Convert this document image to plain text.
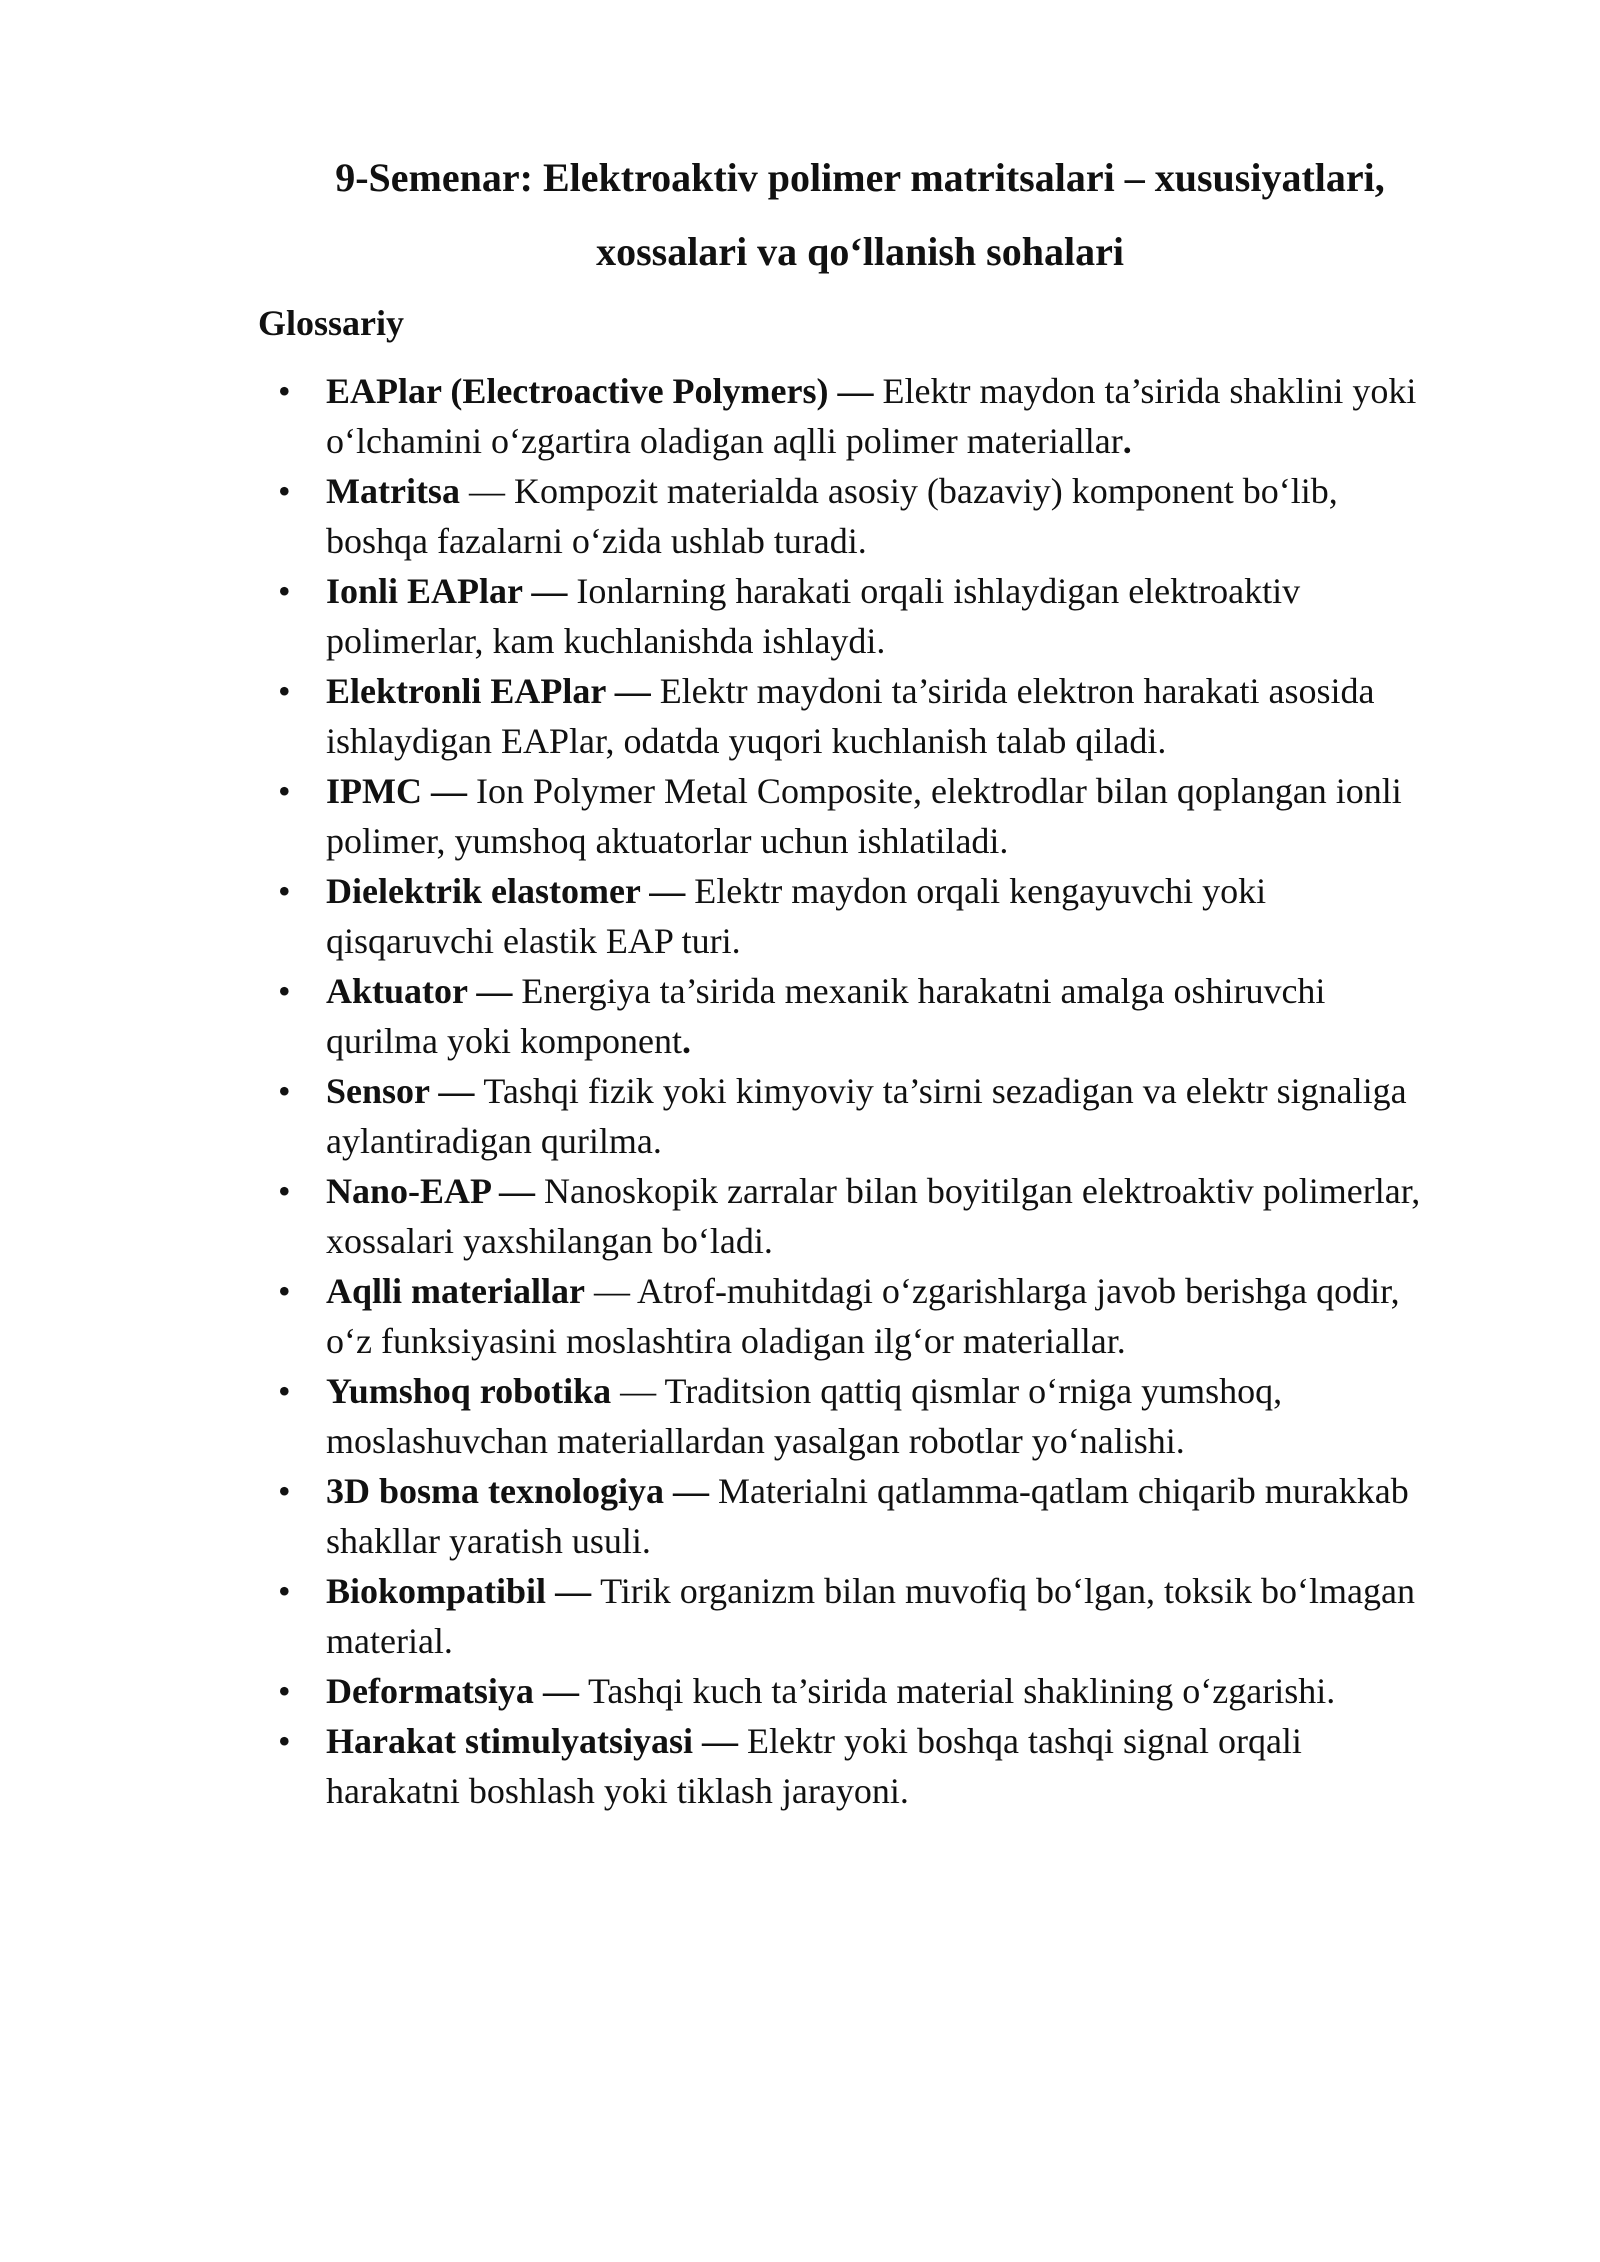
9-Semenar: Elektroaktiv polimer matritsalari – xususiyatlari,
xossalari va qo‘llanish sohalari
Glossariy
• EAPlar (Electroactive Polymers) — Elektr maydon ta’sirida shaklini yoki
o‘lchamini o‘zgartira oladigan aqlli polimer materiallar.
• Matritsa — Kompozit materialda asosiy (bazaviy) komponent bo‘lib,
boshqa fazalarni o‘zida ushlab turadi.
• Ionli EAPlar — Ionlarning harakati orqali ishlaydigan elektroaktiv
polimerlar, kam kuchlanishda ishlaydi.
• Elektronli EAPlar — Elektr maydoni ta’sirida elektron harakati asosida
ishlaydigan EAPlar, odatda yuqori kuchlanish talab qiladi.
• IPMC — Ion Polymer Metal Composite, elektrodlar bilan qoplangan ionli
polimer, yumshoq aktuatorlar uchun ishlatiladi.
• Dielektrik elastomer — Elektr maydon orqali kengayuvchi yoki
qisqaruvchi elastik EAP turi.
• Aktuator — Energiya ta’sirida mexanik harakatni amalga oshiruvchi
qurilma yoki komponent.
• Sensor — Tashqi fizik yoki kimyoviy ta’sirni sezadigan va elektr signaliga
aylantiradigan qurilma.
• Nano-EAP — Nanoskopik zarralar bilan boyitilgan elektroaktiv polimerlar,
xossalari yaxshilangan bo‘ladi.
• Aqlli materiallar — Atrof-muhitdagi o‘zgarishlarga javob berishga qodir,
o‘z funksiyasini moslashtira oladigan ilg‘or materiallar.
• Yumshoq robotika — Traditsion qattiq qismlar o‘rniga yumshoq,
moslashuvchan materiallardan yasalgan robotlar yo‘nalishi.
• 3D bosma texnologiya — Materialni qatlamma-qatlam chiqarib murakkab
shakllar yaratish usuli.
• Biokompatibil — Tirik organizm bilan muvofiq bo‘lgan, toksik bo‘lmagan
material.
• Deformatsiya — Tashqi kuch ta’sirida material shaklining o‘zgarishi.
• Harakat stimulyatsiyasi — Elektr yoki boshqa tashqi signal orqali
harakatni boshlash yoki tiklash jarayoni.
